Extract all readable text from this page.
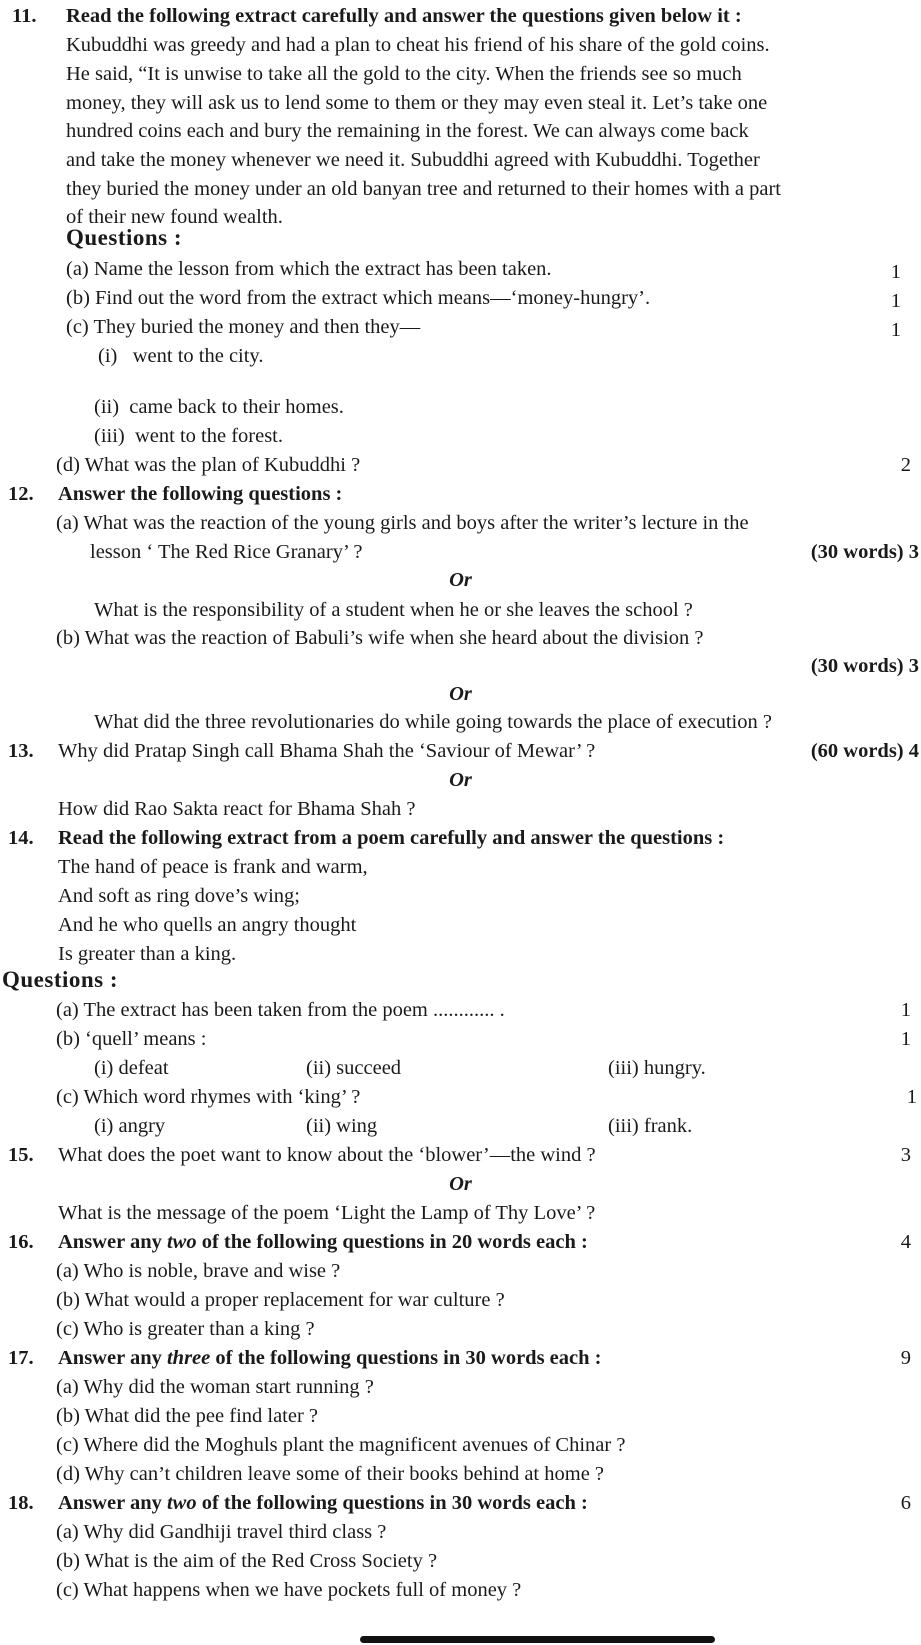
11. Read the following extract carefully and answer the questions given below it :
Kubuddhi was greedy and had a plan to cheat his friend of his share of the gold coins.
He said, “It is unwise to take all the gold to the city. When the friends see so much
money, they will ask us to lend some to them or they may even steal it. Let’s take one
hundred coins each and bury the remaining in the forest. We can always come back
and take the money whenever we need it. Subuddhi agreed with Kubuddhi. Together
they buried the money under an old banyan tree and returned to their homes with a part
of their new found wealth.
Questions :
(a) Name the lesson from which the extract has been taken.	1
(b) Find out the word from the extract which means—‘money-hungry’.	1
(c) They buried the money and then they—	1
(i)   went to the city.
(ii)  came back to their homes.
(iii)  went to the forest.
(d) What was the plan of Kubuddhi ?	2
12. Answer the following questions :
(a) What was the reaction of the young girls and boys after the writer’s lecture in the
lesson ‘ The Red Rice Granary’ ?	(30 words) 3
Or
What is the responsibility of a student when he or she leaves the school ?
(b) What was the reaction of Babuli’s wife when she heard about the division ?
(30 words) 3
Or
What did the three revolutionaries do while going towards the place of execution ?
13. Why did Pratap Singh call Bhama Shah the ‘Saviour of Mewar’ ?	(60 words) 4
Or
How did Rao Sakta react for Bhama Shah ?
14. Read the following extract from a poem carefully and answer the questions :
The hand of peace is frank and warm,
And soft as ring dove’s wing;
And he who quells an angry thought
Is greater than a king.
Questions :
(a) The extract has been taken from the poem ............ .	1
(b) ‘quell’ means :	1
(i) defeat	(ii) succeed	(iii) hungry.
(c) Which word rhymes with ‘king’ ?	1
(i) angry	(ii) wing	(iii) frank.
15. What does the poet want to know about the ‘blower’—the wind ?	3
Or
What is the message of the poem ‘Light the Lamp of Thy Love’ ?
16. Answer any two of the following questions in 20 words each :	4
(a) Who is noble, brave and wise ?
(b) What would a proper replacement for war culture ?
(c) Who is greater than a king ?
17. Answer any three of the following questions in 30 words each :	9
(a) Why did the woman start running ?
(b) What did the pee find later ?
(c) Where did the Moghuls plant the magnificent avenues of Chinar ?
(d) Why can’t children leave some of their books behind at home ?
18. Answer any two of the following questions in 30 words each :	6
(a) Why did Gandhiji travel third class ?
(b) What is the aim of the Red Cross Society ?
(c) What happens when we have pockets full of money ?
